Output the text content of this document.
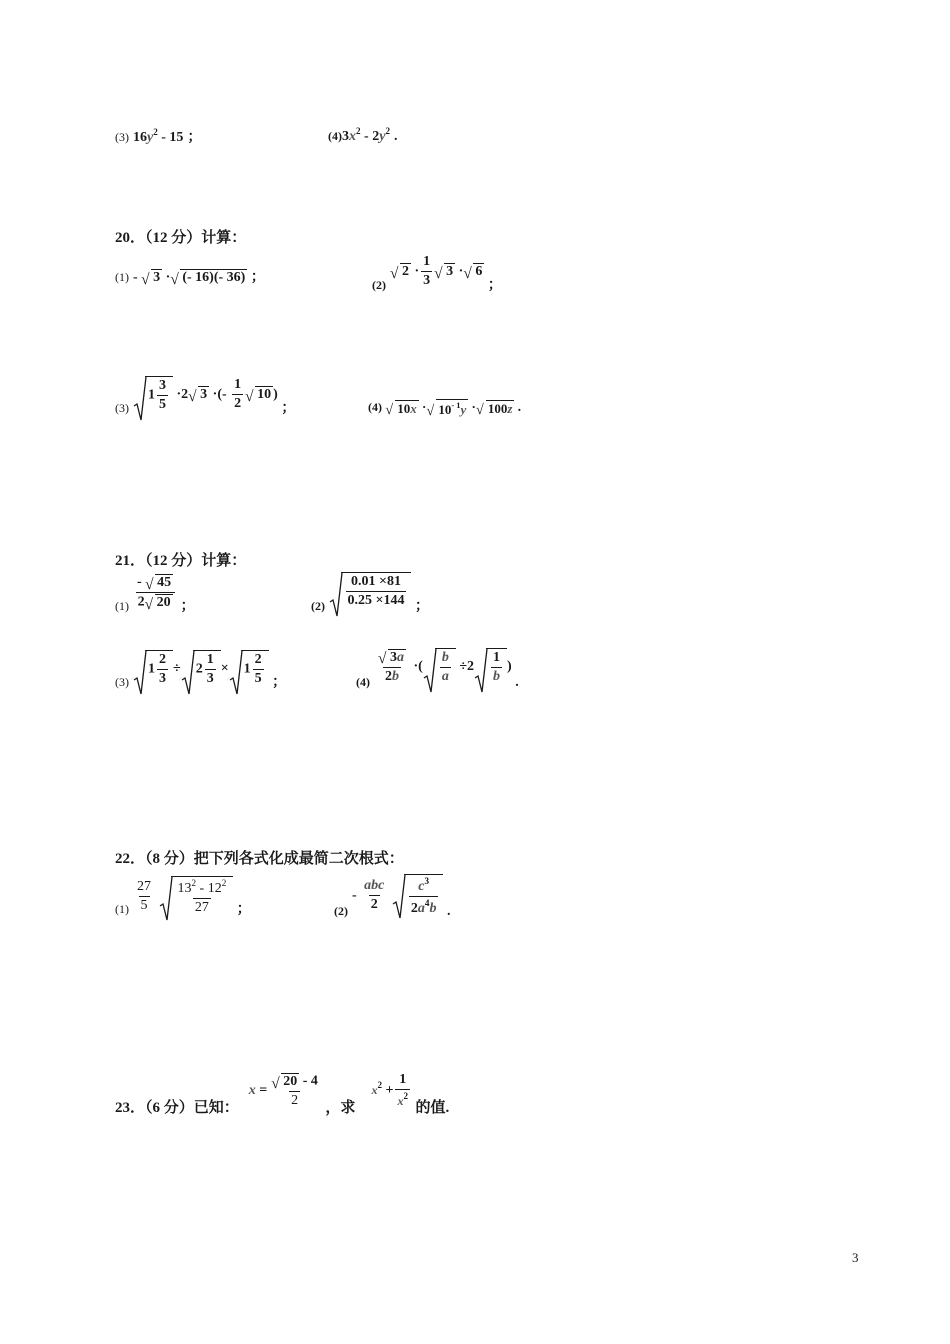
(3) $16y^2 - 15$ ；	$(4)3x^2 - 2y^2$ .
20．（12 分）计算：
(1) - √ 3 · √ (- 16)(- 36) ；	$_{(2)}$
√ $2 \cdot \frac{1}{3}$ √ 3 · √ 6 ；
$_{(3)}$
$1 \frac{3}{5} \cdot 2$ √ 3 ·(- $\frac{1}{2}$ √ 10 ) ；	(4) √ 10x · √ $10^{- 1}y$ · √ 100z .
21．（12 分）计算：
$_{(1)} \frac{- √ 45}{2 √ 20}$ ；	$_{(2)} \frac{0.01 \times 81}{0.25 \times 144}$ ；
$_{(3)}$
$1 \frac{2}{3} \div 2 \frac{1}{3} \times 1 \frac{2}{5}$ ；	$_{(4)} \frac{√ 3a}{2b}$ ·( $\frac{b}{a} \div 2 \frac{1}{b}$ ) .
22．（8 分）把下列各式化成最简二次根式：
$_{(1)} \frac{27}{5}$
$\frac{13^2 - 12^2}{27}$ ；	$_{(2)} - \frac{\text{abc}}{2}$
$\frac{c^3}{2a^4b}$ .
23．（6 分）已知： $x = \frac{√ 20 - 4}{2}$ ，求 $x^2 + \frac{1}{x^2}$ 的值.
3
